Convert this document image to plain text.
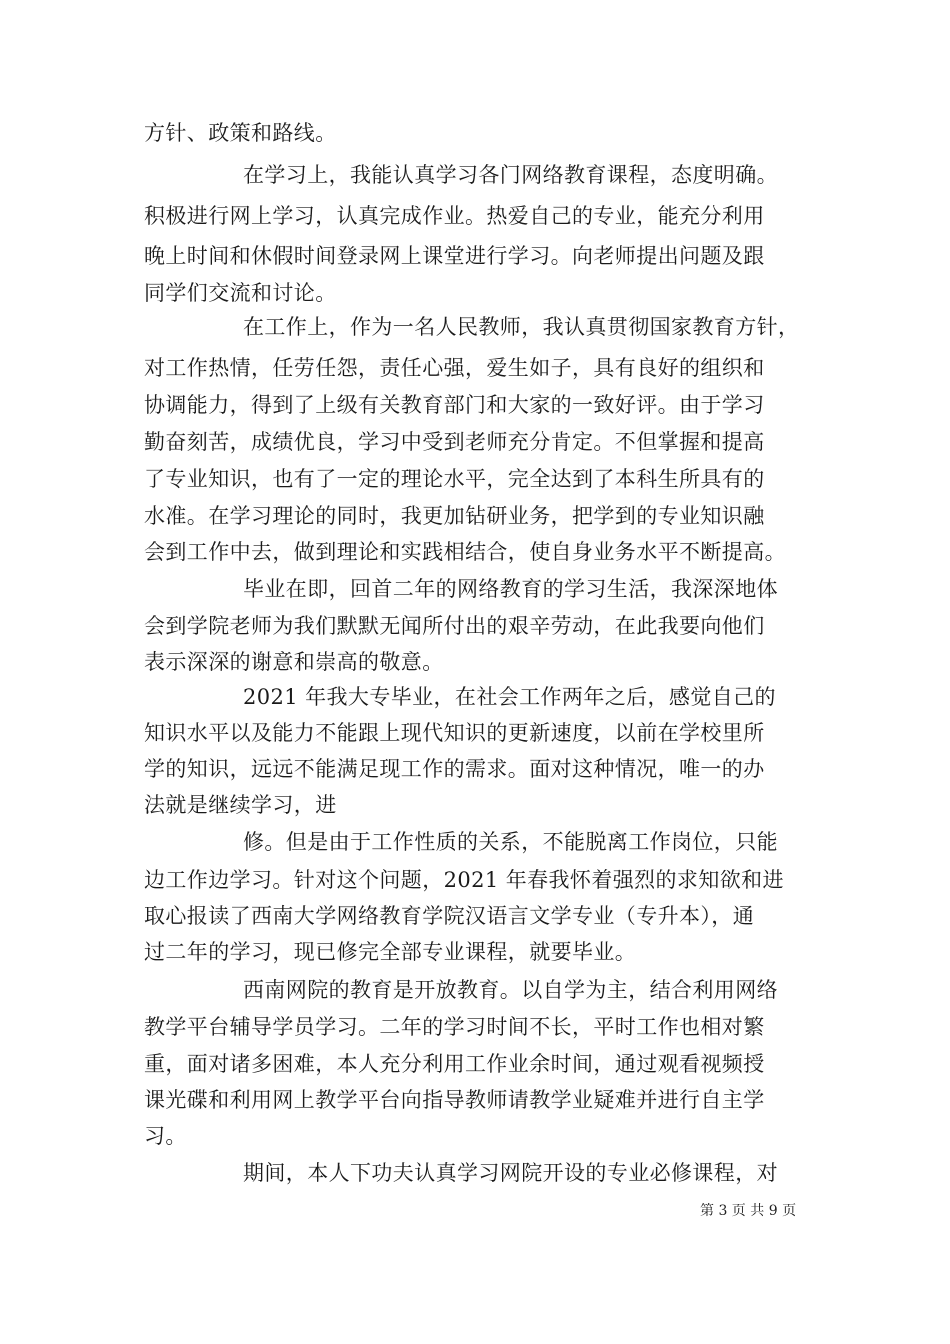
方针、政策和路线。
在学习上，我能认真学习各门网络教育课程，态度明确。
积极进行网上学习，认真完成作业。热爱自己的专业，能充分利用
晚上时间和休假时间登录网上课堂进行学习。向老师提出问题及跟
同学们交流和讨论。
在工作上，作为一名人民教师，我认真贯彻国家教育方针，
对工作热情，任劳任怨，责任心强，爱生如子，具有良好的组织和
协调能力，得到了上级有关教育部门和大家的一致好评。由于学习
勤奋刻苦，成绩优良，学习中受到老师充分肯定。不但掌握和提高
了专业知识，也有了一定的理论水平，完全达到了本科生所具有的
水准。在学习理论的同时，我更加钻研业务，把学到的专业知识融
会到工作中去，做到理论和实践相结合，使自身业务水平不断提高。
毕业在即，回首二年的网络教育的学习生活，我深深地体
会到学院老师为我们默默无闻所付出的艰辛劳动，在此我要向他们
表示深深的谢意和崇高的敬意。
2021 年我大专毕业，在社会工作两年之后，感觉自己的
知识水平以及能力不能跟上现代知识的更新速度，以前在学校里所
学的知识，远远不能满足现工作的需求。面对这种情况，唯一的办
法就是继续学习，进
修。但是由于工作性质的关系，不能脱离工作岗位，只能
边工作边学习。针对这个问题，2021 年春我怀着强烈的求知欲和进
取心报读了西南大学网络教育学院汉语言文学专业（专升本），通
过二年的学习，现已修完全部专业课程，就要毕业。
西南网院的教育是开放教育。以自学为主，结合利用网络
教学平台辅导学员学习。二年的学习时间不长，平时工作也相对繁
重，面对诸多困难，本人充分利用工作业余时间，通过观看视频授
课光碟和利用网上教学平台向指导教师请教学业疑难并进行自主学
习。
期间，本人下功夫认真学习网院开设的专业必修课程，对
第 3 页 共 9 页
